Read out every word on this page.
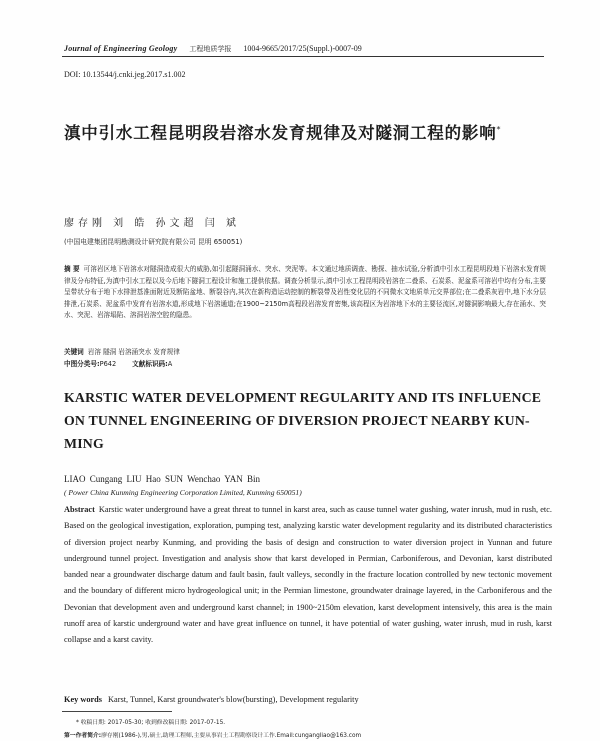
Journal of Engineering Geology 工程地质学报 1004-9665/2017/25(Suppl.)-0007-09
DOI: 10.13544/j.cnki.jeg.2017.s1.002
滇中引水工程昆明段岩溶水发育规律及对隧洞工程的影响*
廖存刚 刘 皓 孙文超 闫 斌
(中国电建集团昆明勘测设计研究院有限公司 昆明 650051)

摘 要 可溶岩区地下岩溶水对隧洞造成很大的威胁,如引起隧洞涌水、突水、突泥等。本文通过地质调查、勘探、抽水试验,分析滇中引水工程昆明段地下岩溶水发育规律及分布特征,为滇中引水工程以及今后地下隧洞工程设计和施工提供依据。调查分析显示,滇中引水工程昆明段岩溶在二叠系、石炭系、泥盆系可溶岩中均有分布,主要呈带状分布于地下水排泄基准面附近及断陷盆地、断裂谷内,其次在新构造运动控制的断裂带及岩性变化层的不同微水文地质单元交界部位;在二叠系灰岩中,地下水分层排泄,石炭系、泥盆系中发育有岩溶水道,形成地下岩溶通道;在1900~2150m高程段岩溶发育密集,该高程区为岩溶地下水的主要径流区,对隧洞影响最大,存在涌水、突水、突泥、岩溶塌陷、溶洞岩溶空腔的隐患。

关键词 岩溶 隧洞 岩溶涌突水 发育规律
中图分类号:P642 文献标识码:A
KARSTIC WATER DEVELOPMENT REGULARITY AND ITS INFLUENCE ON TUNNEL ENGINEERING OF DIVERSION PROJECT NEARBY KUN-MING
LIAO Cungang LIU Hao SUN Wenchao YAN Bin
( Power China Kunming Engineering Corporation Limited, Kunming 650051)

Abstract Karstic water underground have a great threat to tunnel in karst area, such as cause tunnel water gushing, water inrush, mud in rush, etc. Based on the geological investigation, exploration, pumping test, analyzing karstic water development regularity and its distributed characteristics of diversion project nearby Kunming, and providing the basis of design and construction to water diversion project in Yunnan and future underground tunnel project. Investigation and analysis show that karst developed in Permian, Carboniferous, and Devonian, karst distributed banded near a groundwater discharge datum and fault basin, fault valleys, secondly in the fracture location controlled by new tectonic movement and the boundary of different micro hydrogeological unit; in the Permian limestone, groundwater drainage layered, in the Carboniferous and the Devonian that development aven and underground karst channel; in 1900~2150m elevation, karst development intensively, this area is the main runoff area of karstic underground water and have great influence on tunnel, it have potential of water gushing, water inrush, mud in rush, karst collapse and a karst cavity.

Key words Karst, Tunnel, Karst groundwater's blow(bursting), Development regularity
* 收稿日期: 2017-05-30; 收到修改稿日期: 2017-07-15.
第一作者简介:廖存刚(1986-),男,硕士,助理工程师,主要从事岩土工程勘察设计工作.Email:cungangliao@163.com
